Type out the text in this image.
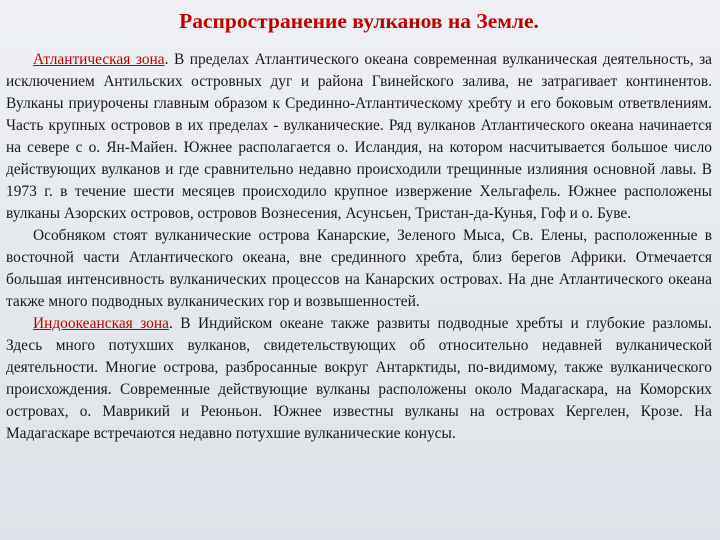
Распространение вулканов на Земле.

Атлантическая зона. В пределах Атлантического океана современная вулканическая деятельность, за исключением Антильских островных дуг и района Гвинейского залива, не затрагивает континентов. Вулканы приурочены главным образом к Срединно-Атлантическому хребту и его боковым ответвлениям. Часть крупных островов в их пределах - вулканические. Ряд вулканов Атлантического океана начинается на севере с о. Ян-Майен. Южнее располагается о. Исландия, на котором насчитывается большое число действующих вулканов и где сравнительно недавно происходили трещинные излияния основной лавы. В 1973 г. в течение шести месяцев происходило крупное извержение Хельгафель. Южнее расположены вулканы Азорских островов, островов Вознесения, Асунсьен, Тристан-да-Кунья, Гоф и о. Буве.

Особняком стоят вулканические острова Канарские, Зеленого Мыса, Св. Елены, расположенные в восточной части Атлантического океана, вне срединного хребта, близ берегов Африки. Отмечается большая интенсивность вулканических процессов на Канарских островах. На дне Атлантического океана также много подводных вулканических гор и возвышенностей.

Индоокеанская зона. В Индийском океане также развиты подводные хребты и глубокие разломы. Здесь много потухших вулканов, свидетельствующих об относительно недавней вулканической деятельности. Многие острова, разбросанные вокруг Антарктиды, по-видимому, также вулканического происхождения. Современные действующие вулканы расположены около Мадагаскара, на Коморских островах, о. Маврикий и Реюньон. Южнее известны вулканы на островах Кергелен, Крозе. На Мадагаскаре встречаются недавно потухшие вулканические конусы.
